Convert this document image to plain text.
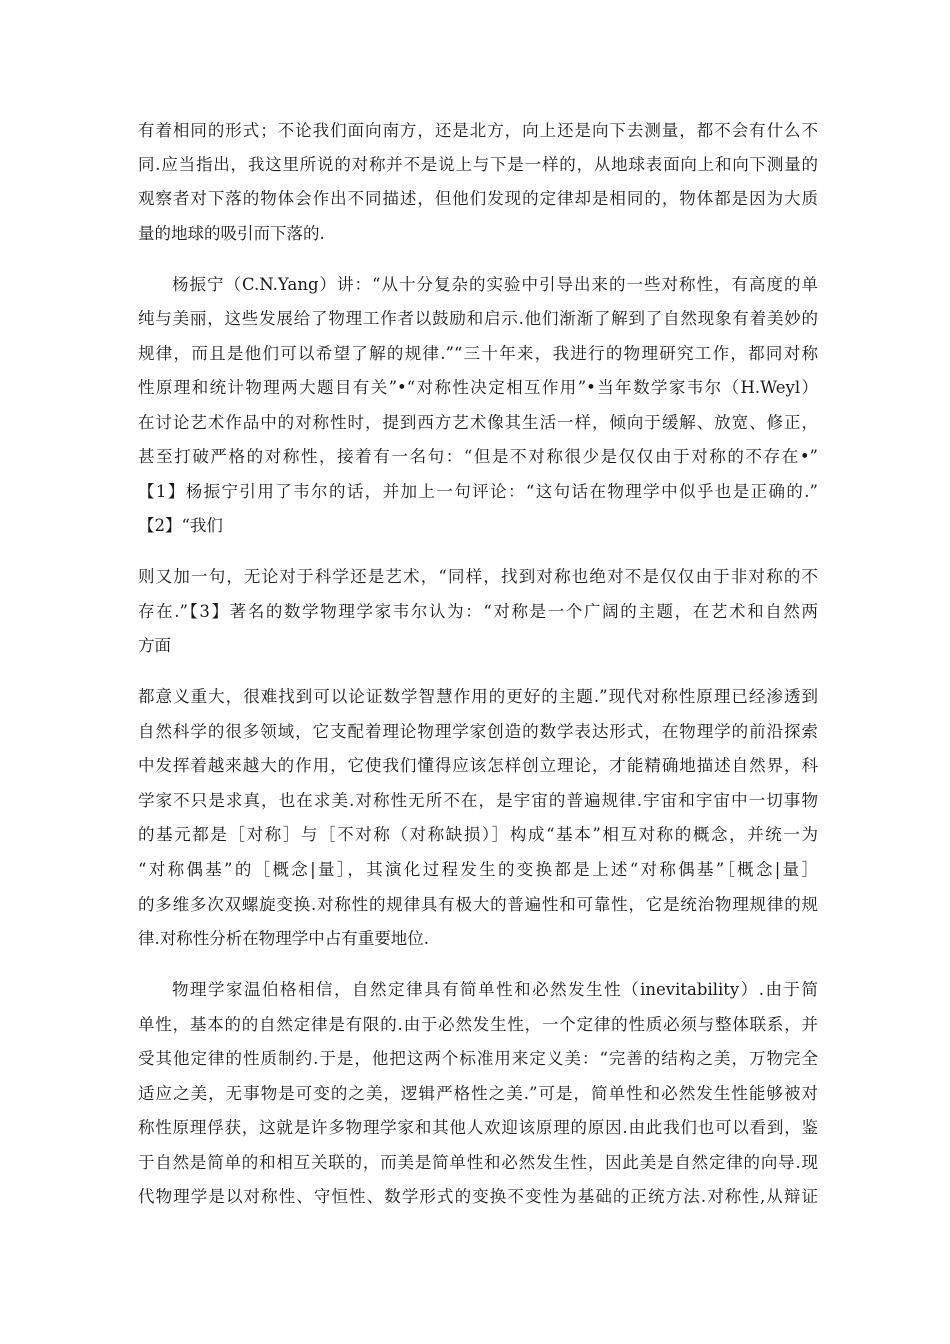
有着相同的形式；不论我们面向南方，还是北方，向上还是向下去测量，都不会有什么不
同.应当指出，我这里所说的对称并不是说上与下是一样的，从地球表面向上和向下测量的
观察者对下落的物体会作出不同描述，但他们发现的定律却是相同的，物体都是因为大质
量的地球的吸引而下落的.
杨振宁（C.N.Yang）讲：“从十分复杂的实验中引导出来的一些对称性，有高度的单
纯与美丽，这些发展给了物理工作者以鼓励和启示.他们渐渐了解到了自然现象有着美妙的
规律，而且是他们可以希望了解的规律.”“三十年来，我进行的物理研究工作，都同对称
性原理和统计物理两大题目有关”•“对称性决定相互作用”•当年数学家韦尔（H.Weyl）
在讨论艺术作品中的对称性时，提到西方艺术像其生活一样，倾向于缓解、放宽、修正，
甚至打破严格的对称性，接着有一名句：“但是不对称很少是仅仅由于对称的不存在•”
【1】杨振宁引用了韦尔的话，并加上一句评论：“这句话在物理学中似乎也是正确的.”
【2】“我们
则又加一句，无论对于科学还是艺术，“同样，找到对称也绝对不是仅仅由于非对称的不
存在.”【3】著名的数学物理学家韦尔认为：“对称是一个广阔的主题，在艺术和自然两
方面
都意义重大，很难找到可以论证数学智慧作用的更好的主题.”现代对称性原理已经渗透到
自然科学的很多领域，它支配着理论物理学家创造的数学表达形式，在物理学的前沿探索
中发挥着越来越大的作用，它使我们懂得应该怎样创立理论，才能精确地描述自然界，科
学家不只是求真，也在求美.对称性无所不在，是宇宙的普遍规律.宇宙和宇宙中一切事物
的基元都是［对称］与［不对称（对称缺损）］构成“基本”相互对称的概念，并统一为
“对称偶基”的［概念|量］，其演化过程发生的变换都是上述“对称偶基”［概念|量］
的多维多次双螺旋变换.对称性的规律具有极大的普遍性和可靠性，它是统治物理规律的规
律.对称性分析在物理学中占有重要地位.
物理学家温伯格相信，自然定律具有简单性和必然发生性（inevitability）.由于简
单性，基本的的自然定律是有限的.由于必然发生性，一个定律的性质必须与整体联系，并
受其他定律的性质制约.于是，他把这两个标准用来定义美：“完善的结构之美，万物完全
适应之美，无事物是可变的之美，逻辑严格性之美.”可是，简单性和必然发生性能够被对
称性原理俘获，这就是许多物理学家和其他人欢迎该原理的原因.由此我们也可以看到，鉴
于自然是简单的和相互关联的，而美是简单性和必然发生性，因此美是自然定律的向导.现
代物理学是以对称性、守恒性、数学形式的变换不变性为基础的正统方法.对称性,从辩证
